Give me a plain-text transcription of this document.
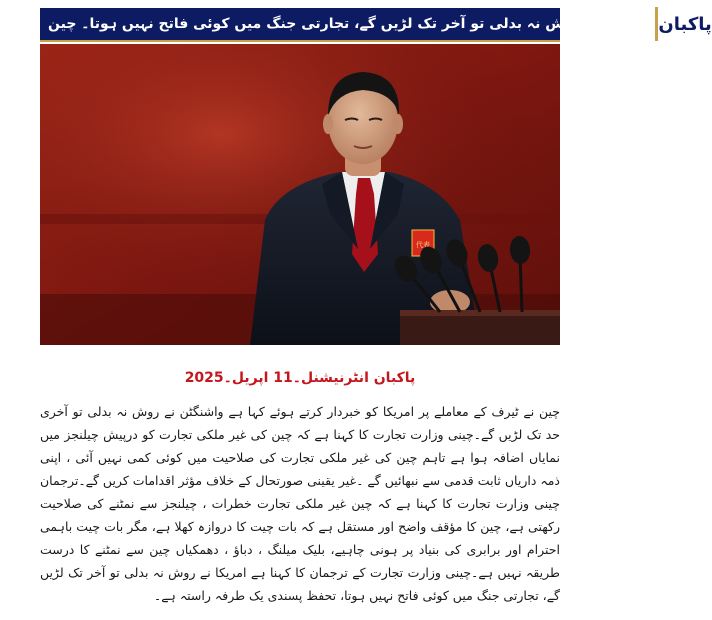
امریکا نے روش نہ بدلی تو آخر تک لڑیں گے، تجارتی جنگ میں کوئی فاتح نہیں ہوتا۔ چین پاکبان
代表
پاکبان انٹرنیشنل۔11 اپریل۔2025
چین نے ٹیرف کے معاملے پر امریکا کو خبردار کرتے ہوئے کہا ہے واشنگٹن نے روش نہ بدلی تو آخری حد تک لڑیں گے۔چینی وزارت تجارت کا کہنا ہے کہ چین کی غیر ملکی تجارت کو درپیش چیلنجز میں نمایاں اضافہ ہوا ہے تاہم چین کی غیر ملکی تجارت کی صلاحیت میں کوئی کمی نہیں آئی ، اپنی ذمہ داریاں ثابت قدمی سے نبھائیں گے ۔غیر یقینی صورتحال کے خلاف مؤثر اقدامات کریں گے۔ترجمان چینی وزارت تجارت کا کہنا ہے کہ چین غیر ملکی تجارت خطرات ، چیلنجز سے نمٹنے کی صلاحیت رکھتی ہے، چین کا مؤقف واضح اور مستقل ہے کہ بات چیت کا دروازہ کھلا ہے، مگر بات چیت باہمی احترام اور برابری کی بنیاد پر ہونی چاہیے، بلیک میلنگ ، دباؤ ، دھمکیاں چین سے نمٹنے کا درست طریقہ نہیں ہے۔چینی وزارت تجارت کے ترجمان کا کہنا ہے امریکا نے روش نہ بدلی تو آخر تک لڑیں گے، تجارتی جنگ میں کوئی فاتح نہیں ہوتا، تحفظ پسندی یک طرفہ راستہ ہے۔
